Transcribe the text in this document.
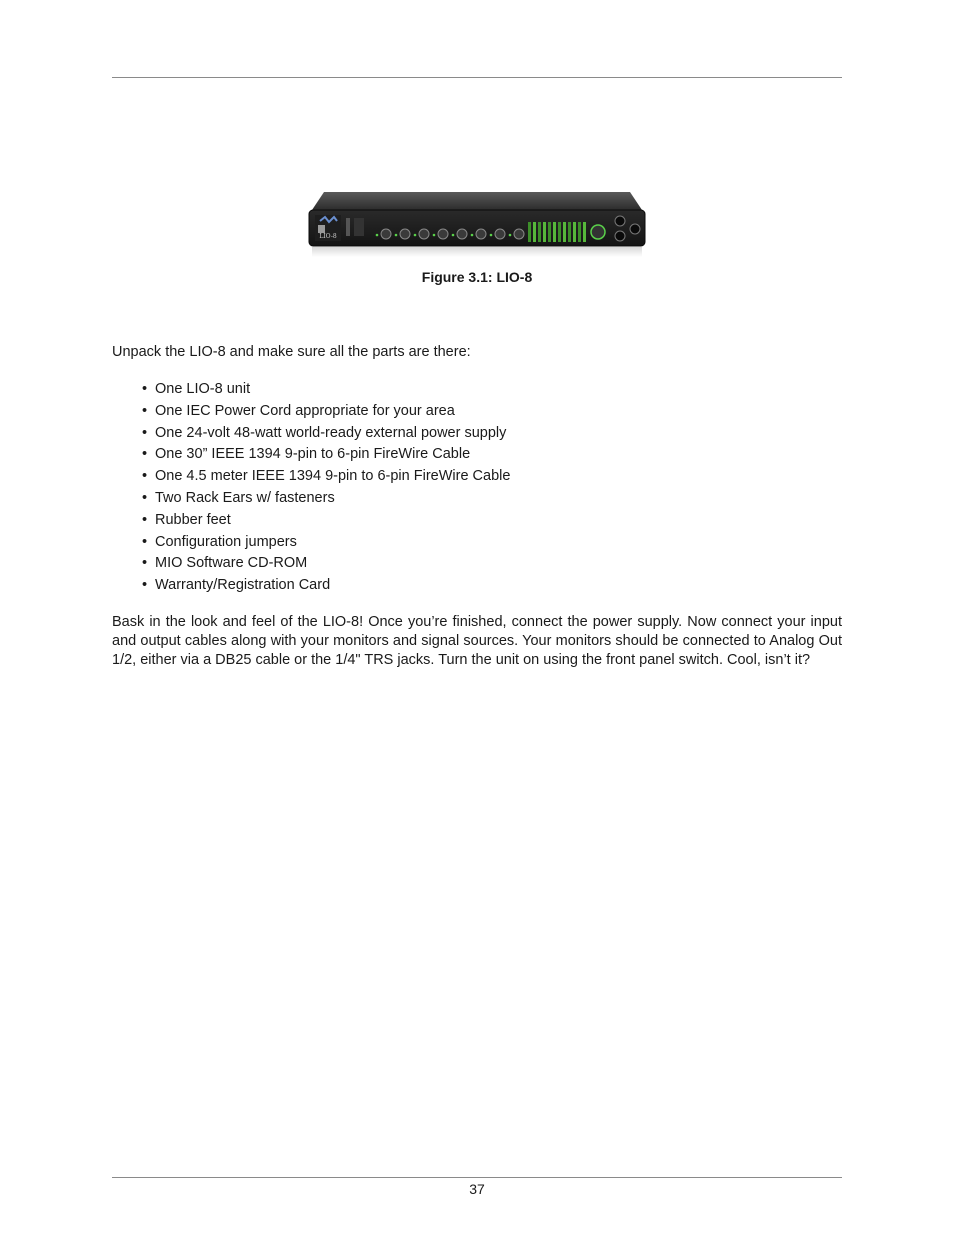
LIO-8
Figure 3.1: LIO-8

Unpack the LIO-8 and make sure all the parts are there:

• One LIO-8 unit
• One IEC Power Cord appropriate for your area
• One 24-volt 48-watt world-ready external power supply
• One 30” IEEE 1394 9-pin to 6-pin FireWire Cable
• One 4.5 meter IEEE 1394 9-pin to 6-pin FireWire Cable
• Two Rack Ears w/ fasteners
• Rubber feet
• Configuration jumpers
• MIO Software CD-ROM
• Warranty/Registration Card

Bask in the look and feel of the LIO-8! Once you’re finished, connect the power supply. Now connect your input and output cables along with your monitors and signal sources. Your monitors should be connected to Analog Out 1/2, either via a DB25 cable or the 1/4" TRS jacks. Turn the unit on using the front panel switch. Cool, isn’t it?

37
